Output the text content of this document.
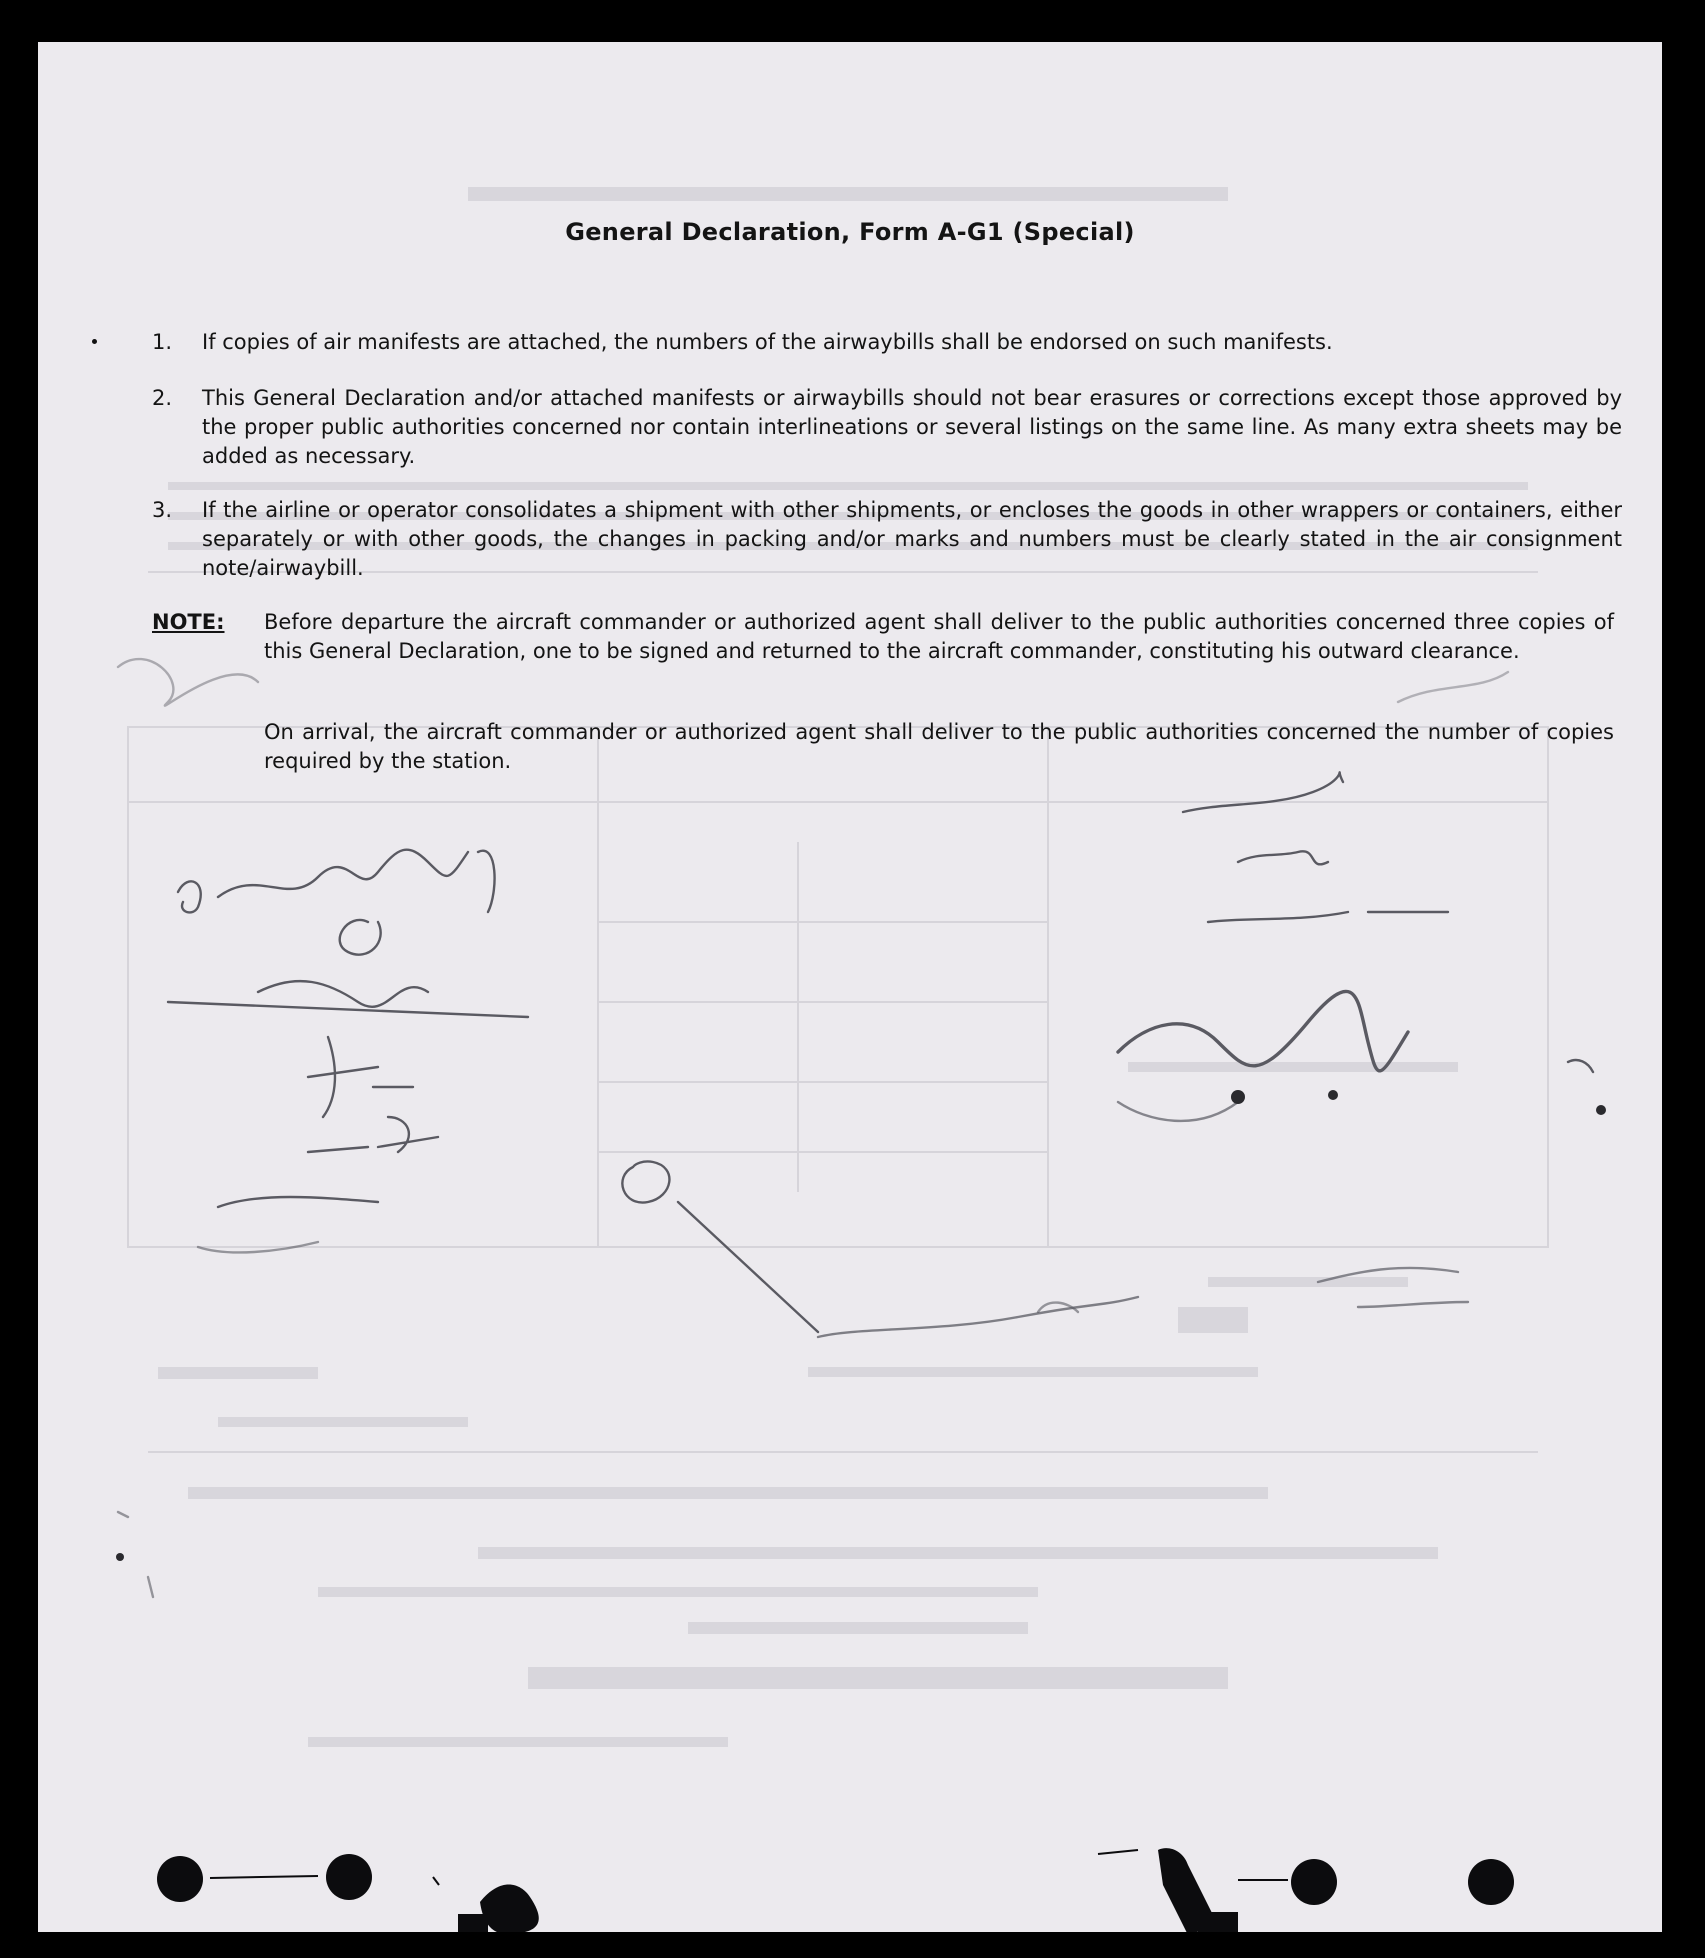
General Declaration, Form A-G1 (Special)
1. If copies of air manifests are attached, the numbers of the airwaybills shall be endorsed on such manifests.
2. This General Declaration and/or attached manifests or airwaybills should not bear erasures or corrections except those approved by the proper public authorities concerned nor contain interlineations or several listings on the same line. As many extra sheets may be added as necessary.
3. If the airline or operator consolidates a shipment with other shipments, or encloses the goods in other wrappers or containers, either separately or with other goods, the changes in packing and/or marks and numbers must be clearly stated in the air consignment note/airwaybill.
NOTE: Before departure the aircraft commander or authorized agent shall deliver to the public authorities concerned three copies of this General Declaration, one to be signed and returned to the aircraft commander, constituting his outward clearance.
On arrival, the aircraft commander or authorized agent shall deliver to the public authorities concerned the number of copies required by the station.
